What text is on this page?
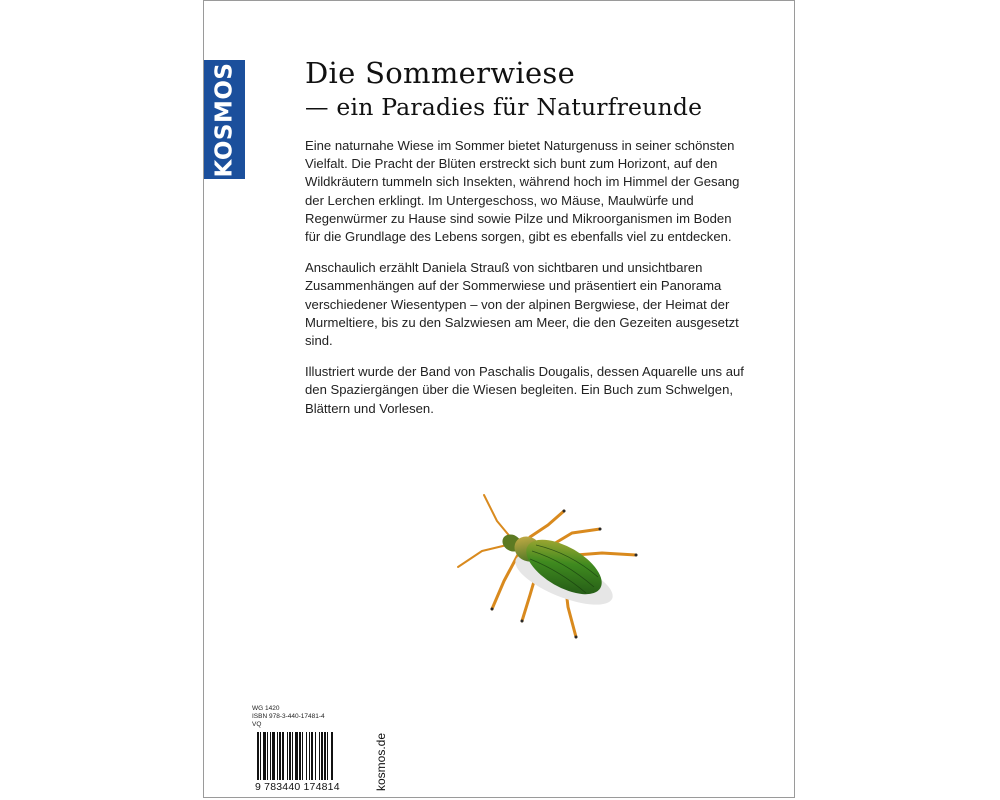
KOSMOS Die Sommerwiese
— ein Paradies für Naturfreunde

Eine naturnahe Wiese im Sommer bietet Naturgenuss in seiner schönsten Vielfalt. Die Pracht der Blüten erstreckt sich bunt zum Horizont, auf den Wildkräutern tummeln sich Insekten, während hoch im Himmel der Gesang der Lerchen erklingt. Im Untergeschoss, wo Mäuse, Maulwürfe und Regenwürmer zu Hause sind sowie Pilze und Mikroorganismen im Boden für die Grundlage des Lebens sorgen, gibt es ebenfalls viel zu entdecken.

Anschaulich erzählt Daniela Strauß von sichtbaren und unsichtbaren Zusammenhängen auf der Sommerwiese und präsentiert ein Panorama verschiedener Wiesentypen – von der alpinen Bergwiese, der Heimat der Murmeltiere, bis zu den Salzwiesen am Meer, die den Gezeiten ausgesetzt sind.

Illustriert wurde der Band von Paschalis Dougalis, dessen Aquarelle uns auf den Spaziergängen über die Wiesen begleiten. Ein Buch zum Schwelgen, Blättern und Vorlesen.

WG 1420
ISBN 978-3-440-17481-4
VQ
9 783440 174814	kosmos.de
